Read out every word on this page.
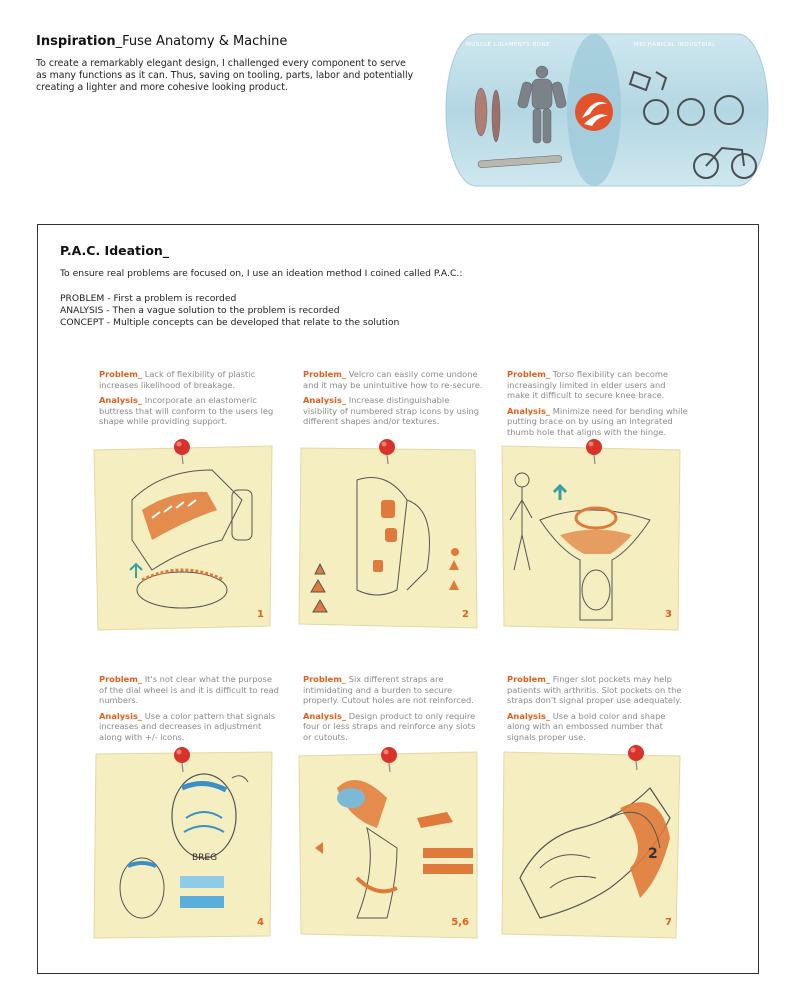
Inspiration_Fuse Anatomy & Machine
To create a remarkably elegant design, I challenged every component to serve as many functions as it can. Thus, saving on tooling, parts, labor and potentially creating a lighter and more cohesive looking product.
MUSCLE LIGAMENTS BONE	MECHANICAL INDUSTRIAL
P.A.C. Ideation_
To ensure real problems are focused on, I use an ideation method I coined called P.A.C.:
PROBLEM - First a problem is recorded
ANALYSIS - Then a vague solution to the problem is recorded
CONCEPT - Multiple concepts can be developed that relate to the solution

Problem_ Lack of flexibility of plastic increases likelihood of breakage.

Analysis_ Incorporate an elastomeric buttress that will conform to the users leg shape while providing support.

Problem_ Velcro can easily come undone and it may be unintuitive how to re-secure.

Analysis_ Increase distinguishable visibility of numbered strap icons by using different shapes and/or textures.

Problem_ Torso flexibility can become increasingly limited in elder users and make it difficult to secure knee brace.

Analysis_ Minimize need for bending while putting brace on by using an integrated thumb hole that aligns with the hinge.

Problem_ It's not clear what the purpose of the dial wheel is and it is difficult to read numbers.

Analysis_ Use a color pattern that signals increases and decreases in adjustment along with +/- icons.

Problem_ Six different straps are intimidating and a burden to secure properly. Cutout holes are not reinforced.

Analysis_ Design product to only require four or less straps and reinforce any slots or cutouts.

Problem_ Finger slot pockets may help patients with arthritis. Slot pockets on the straps don't signal proper use adequately.

Analysis_ Use a bold color and shape along with an embossed number that signals proper use.

1	2	3
BREG
4	5,6
2
7
